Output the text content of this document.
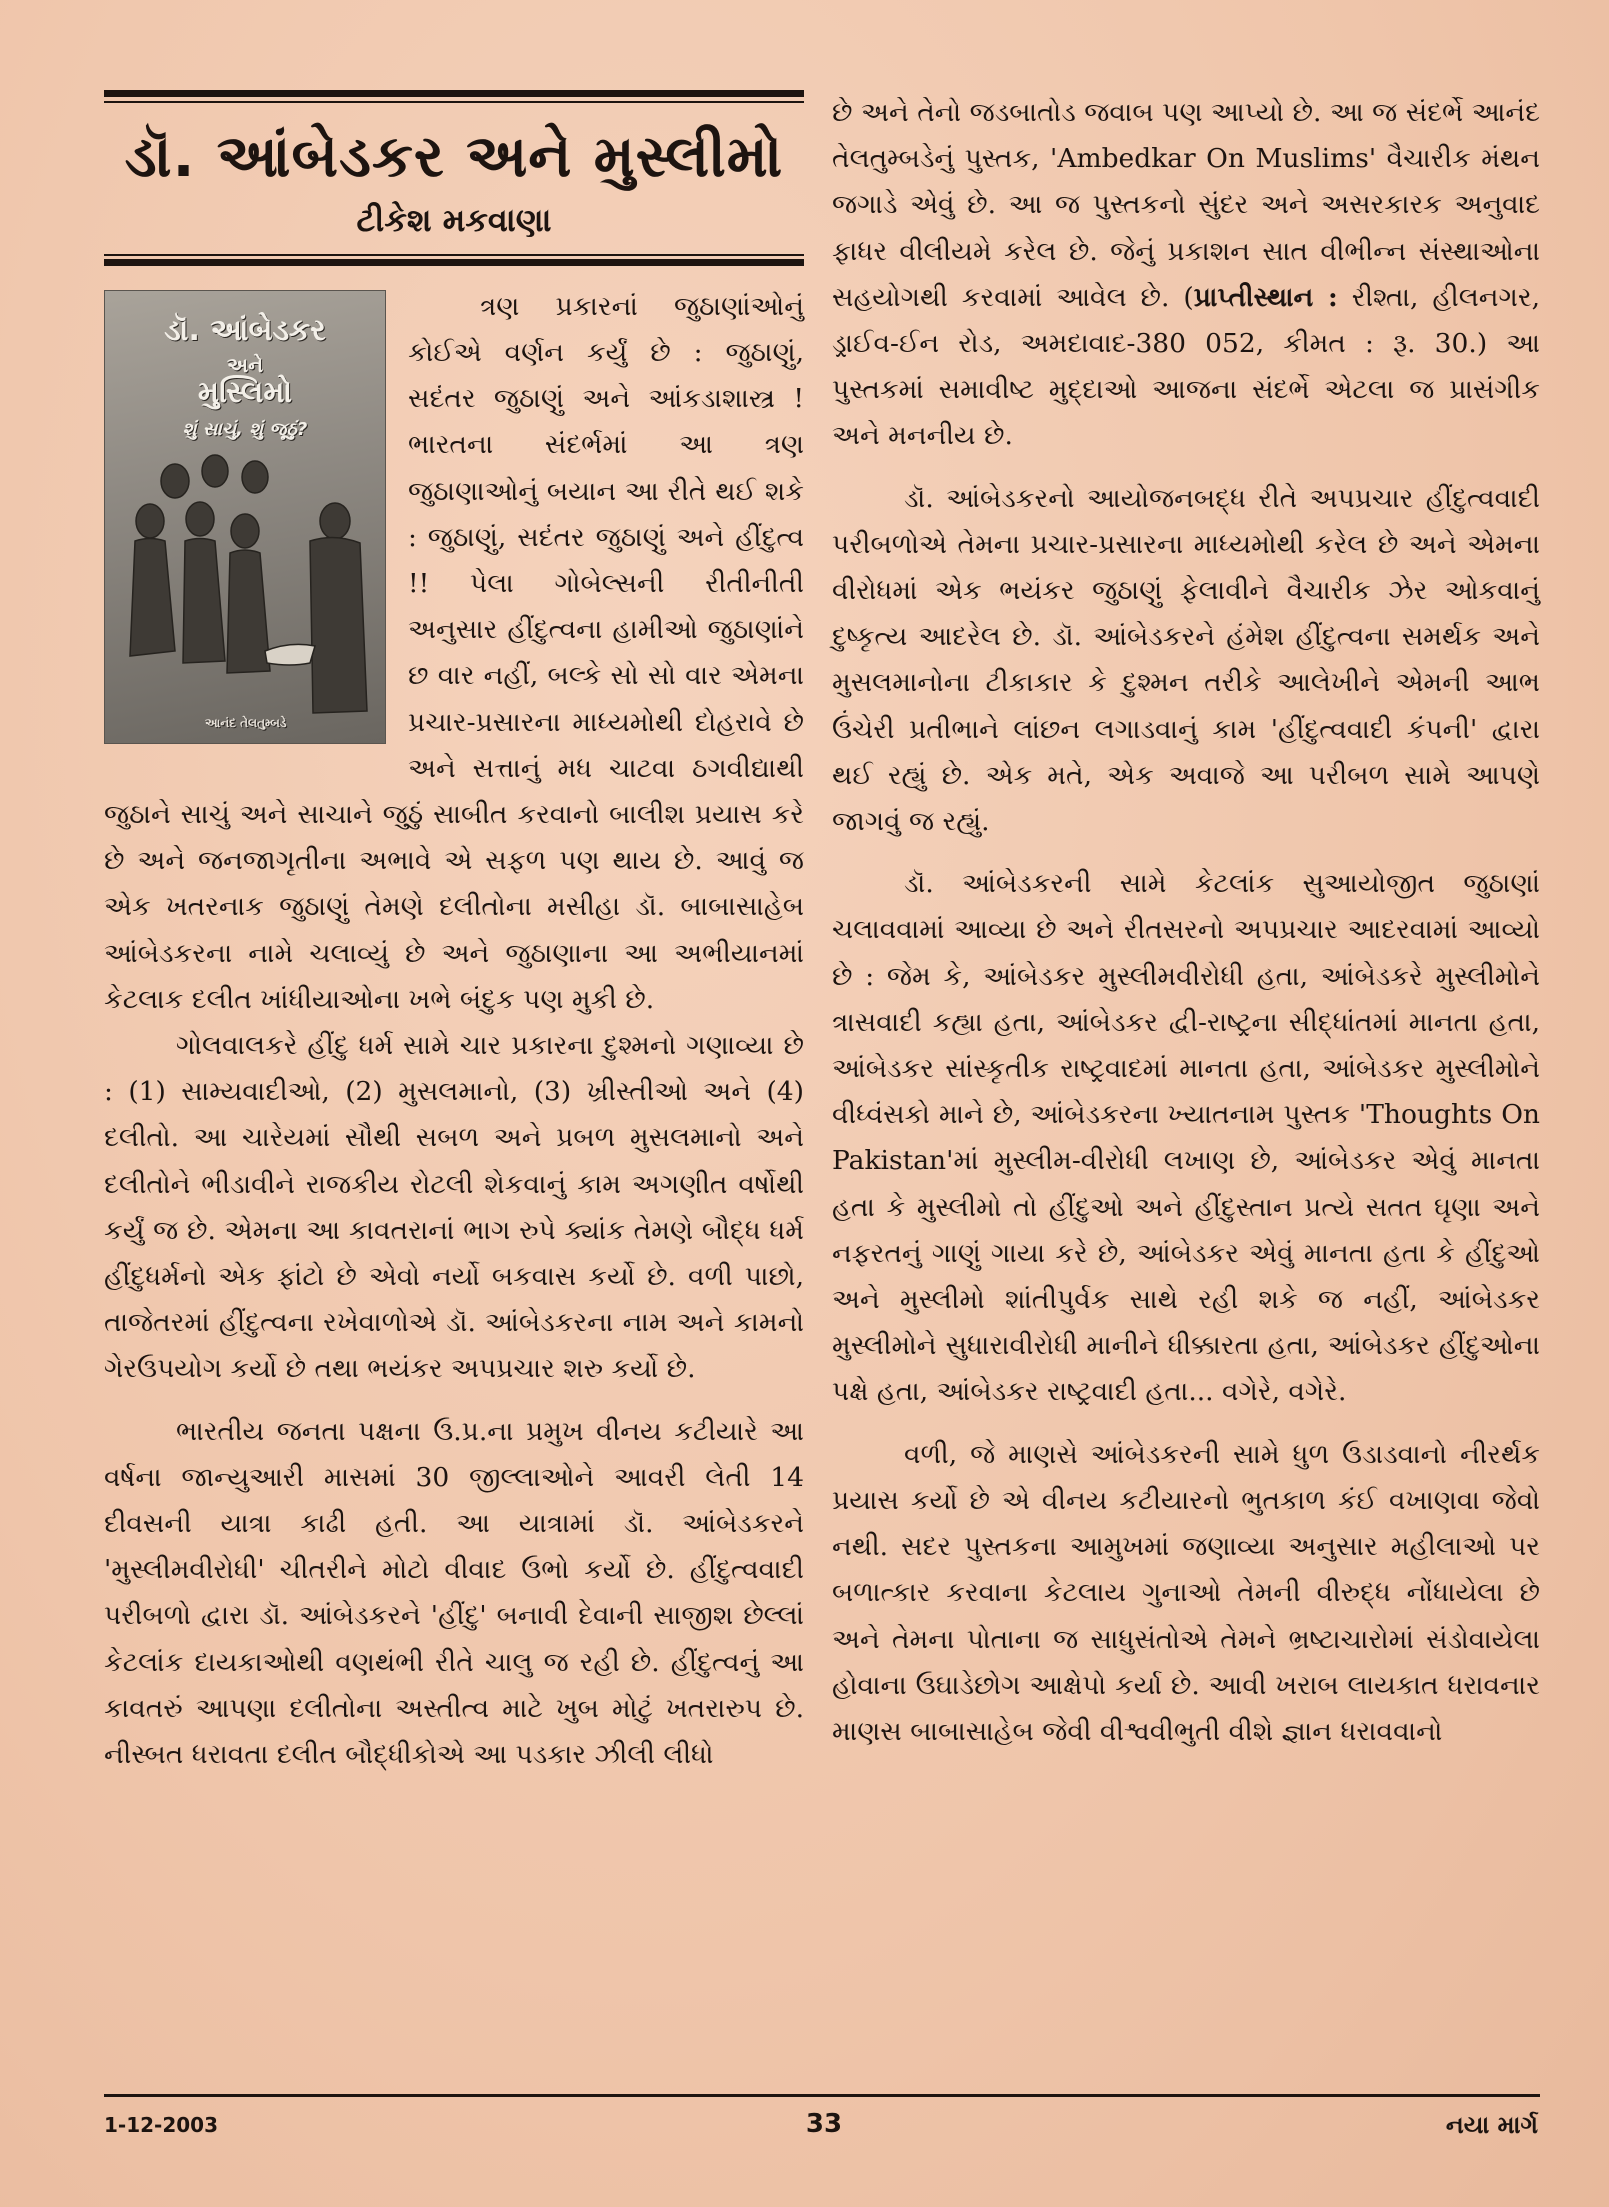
ડૉ. આંબેડકર અને મુસ્લીમો
ટીકેશ મકવાણા
ડૉ. આંબેડકર
અને
મુસ્લિમો
શું સાચું, શું જૂઠું?
આનંદ તેલતુમ્બડે

ત્રણ પ્રકારનાં જુઠાણાંઓનું કોઈએ વર્ણન કર્યું છે : જુઠાણું, સદંતર જુઠાણું અને આંકડાશાસ્ત્ર ! ભારતના સંદર્ભમાં આ ત્રણ જુઠાણાઓનું બયાન આ રીતે થઈ શકે : જુઠાણું, સદંતર જુઠાણું અને હીંદુત્વ !! પેલા ગોબેલ્સની રીતીનીતી અનુસાર હીંદુત્વના હામીઓ જુઠાણાંને છ વાર નહીં, બલ્કે સો સો વાર એમના પ્રચાર-પ્રસારના માધ્યમોથી દોહરાવે છે અને સત્તાનું મધ ચાટવા ઠગવીદ્યાથી જુઠાને સાચું અને સાચાને જુઠું સાબીત કરવાનો બાલીશ પ્રયાસ કરે છે અને જનજાગૃતીના અભાવે એ સફળ પણ થાય છે. આવું જ એક ખતરનાક જુઠાણું તેમણે દલીતોના મસીહા ડૉ. બાબાસાહેબ આંબેડકરના નામે ચલાવ્યું છે અને જુઠાણાના આ અભીયાનમાં કેટલાક દલીત ખાંધીયાઓના ખભે બંદુક પણ મુકી છે.

ગોલવાલકરે હીંદુ ધર્મ સામે ચાર પ્રકારના દુશ્મનો ગણાવ્યા છે : (1) સામ્યવાદીઓ, (2) મુસલમાનો, (3) ખ્રીસ્તીઓ અને (4) દલીતો. આ ચારેયમાં સૌથી સબળ અને પ્રબળ મુસલમાનો અને દલીતોને ભીડાવીને રાજકીય રોટલી શેકવાનું કામ અગણીત વર્ષોથી કર્યું જ છે. એમના આ કાવતરાનાં ભાગ રુપે ક્યાંક તેમણે બૌદ્ધ ધર્મ હીંદુધર્મનો એક ફાંટો છે એવો નર્યો બકવાસ કર્યો છે. વળી પાછો, તાજેતરમાં હીંદુત્વના રખેવાળોએ ડૉ. આંબેડકરના નામ અને કામનો ગેરઉપયોગ કર્યો છે તથા ભયંકર અપપ્રચાર શરુ કર્યો છે.

ભારતીય જનતા પક્ષના ઉ.પ્ર.ના પ્રમુખ વીનય કટીયારે આ વર્ષના જાન્યુઆરી માસમાં 30 જીલ્લાઓને આવરી લેતી 14 દીવસની યાત્રા કાઢી હતી. આ યાત્રામાં ડૉ. આંબેડકરને 'મુસ્લીમવીરોધી' ચીતરીને મોટો વીવાદ ઉભો કર્યો છે. હીંદુત્વવાદી પરીબળો દ્વારા ડૉ. આંબેડકરને 'હીંદુ' બનાવી દેવાની સાજીશ છેલ્લાં કેટલાંક દાયકાઓથી વણથંભી રીતે ચાલુ જ રહી છે. હીંદુત્વનું આ કાવતરું આપણા દલીતોના અસ્તીત્વ માટે ખુબ મોટું ખતરારુપ છે. નીસ્બત ધરાવતા દલીત બૌદ્ધીકોએ આ પડકાર ઝીલી લીધો

છે અને તેનો જડબાતોડ જવાબ પણ આપ્યો છે. આ જ સંદર્ભે આનંદ તેલતુમ્બડેનું પુસ્તક, 'Ambedkar On Muslims' વૈચારીક મંથન જગાડે એવું છે. આ જ પુસ્તકનો સુંદર અને અસરકારક અનુવાદ ફાધર વીલીયમે કરેલ છે. જેનું પ્રકાશન સાત વીભીન્ન સંસ્થાઓના સહયોગથી કરવામાં આવેલ છે. (પ્રાપ્તીસ્થાન : રીશ્તા, હીલનગર, ડ્રાઈવ-ઈન રોડ, અમદાવાદ-380 052, કીમત : રૂ. 30.) આ પુસ્તકમાં સમાવીષ્ટ મુદ્દાઓ આજના સંદર્ભે એટલા જ પ્રાસંગીક અને મનનીય છે.

ડૉ. આંબેડકરનો આયોજનબદ્ધ રીતે અપપ્રચાર હીંદુત્વવાદી પરીબળોએ તેમના પ્રચાર-પ્રસારના માધ્યમોથી કરેલ છે અને એમના વીરોધમાં એક ભયંકર જુઠાણું ફેલાવીને વૈચારીક ઝેર ઓકવાનું દુષ્કૃત્ય આદરેલ છે. ડૉ. આંબેડકરને હંમેશ હીંદુત્વના સમર્થક અને મુસલમાનોના ટીકાકાર કે દુશ્મન તરીકે આલેખીને એમની આભ ઉંચેરી પ્રતીભાને લાંછન લગાડવાનું કામ 'હીંદુત્વવાદી કંપની' દ્વારા થઈ રહ્યું છે. એક મતે, એક અવાજે આ પરીબળ સામે આપણે જાગવું જ રહ્યું.

ડૉ. આંબેડકરની સામે કેટલાંક સુઆયોજીત જુઠાણાં ચલાવવામાં આવ્યા છે અને રીતસરનો અપપ્રચાર આદરવામાં આવ્યો છે : જેમ કે, આંબેડકર મુસ્લીમવીરોધી હતા, આંબેડકરે મુસ્લીમોને ત્રાસવાદી કહ્યા હતા, આંબેડકર દ્વી-રાષ્ટ્રના સીદ્ધાંતમાં માનતા હતા, આંબેડકર સાંસ્કૃતીક રાષ્ટ્રવાદમાં માનતા હતા, આંબેડકર મુસ્લીમોને વીધ્વંસકો માને છે, આંબેડકરના ખ્યાતનામ પુસ્તક 'Thoughts On Pakistan'માં મુસ્લીમ-વીરોધી લખાણ છે, આંબેડકર એવું માનતા હતા કે મુસ્લીમો તો હીંદુઓ અને હીંદુસ્તાન પ્રત્યે સતત ઘૃણા અને નફરતનું ગાણું ગાયા કરે છે, આંબેડકર એવું માનતા હતા કે હીંદુઓ અને મુસ્લીમો શાંતીપુર્વક સાથે રહી શકે જ નહીં, આંબેડકર મુસ્લીમોને સુધારાવીરોધી માનીને ધીક્કારતા હતા, આંબેડકર હીંદુઓના પક્ષે હતા, આંબેડકર રાષ્ટ્રવાદી હતા... વગેરે, વગેરે.

વળી, જે માણસે આંબેડકરની સામે ધુળ ઉડાડવાનો નીરર્થક પ્રયાસ કર્યો છે એ વીનય કટીયારનો ભુતકાળ કંઈ વખાણવા જેવો નથી. સદર પુસ્તકના આમુખમાં જણાવ્યા અનુસાર મહીલાઓ પર બળાત્કાર કરવાના કેટલાય ગુનાઓ તેમની વીરુદ્ધ નોંધાયેલા છે અને તેમના પોતાના જ સાધુસંતોએ તેમને ભ્રષ્ટાચારોમાં સંડોવાયેલા હોવાના ઉઘાડેછોગ આક્ષેપો કર્યા છે. આવી ખરાબ લાયકાત ધરાવનાર માણસ બાબાસાહેબ જેવી વીશ્વવીભુતી વીશે જ્ઞાન ધરાવવાનો

1-12-2003	33	નયા માર્ગ
